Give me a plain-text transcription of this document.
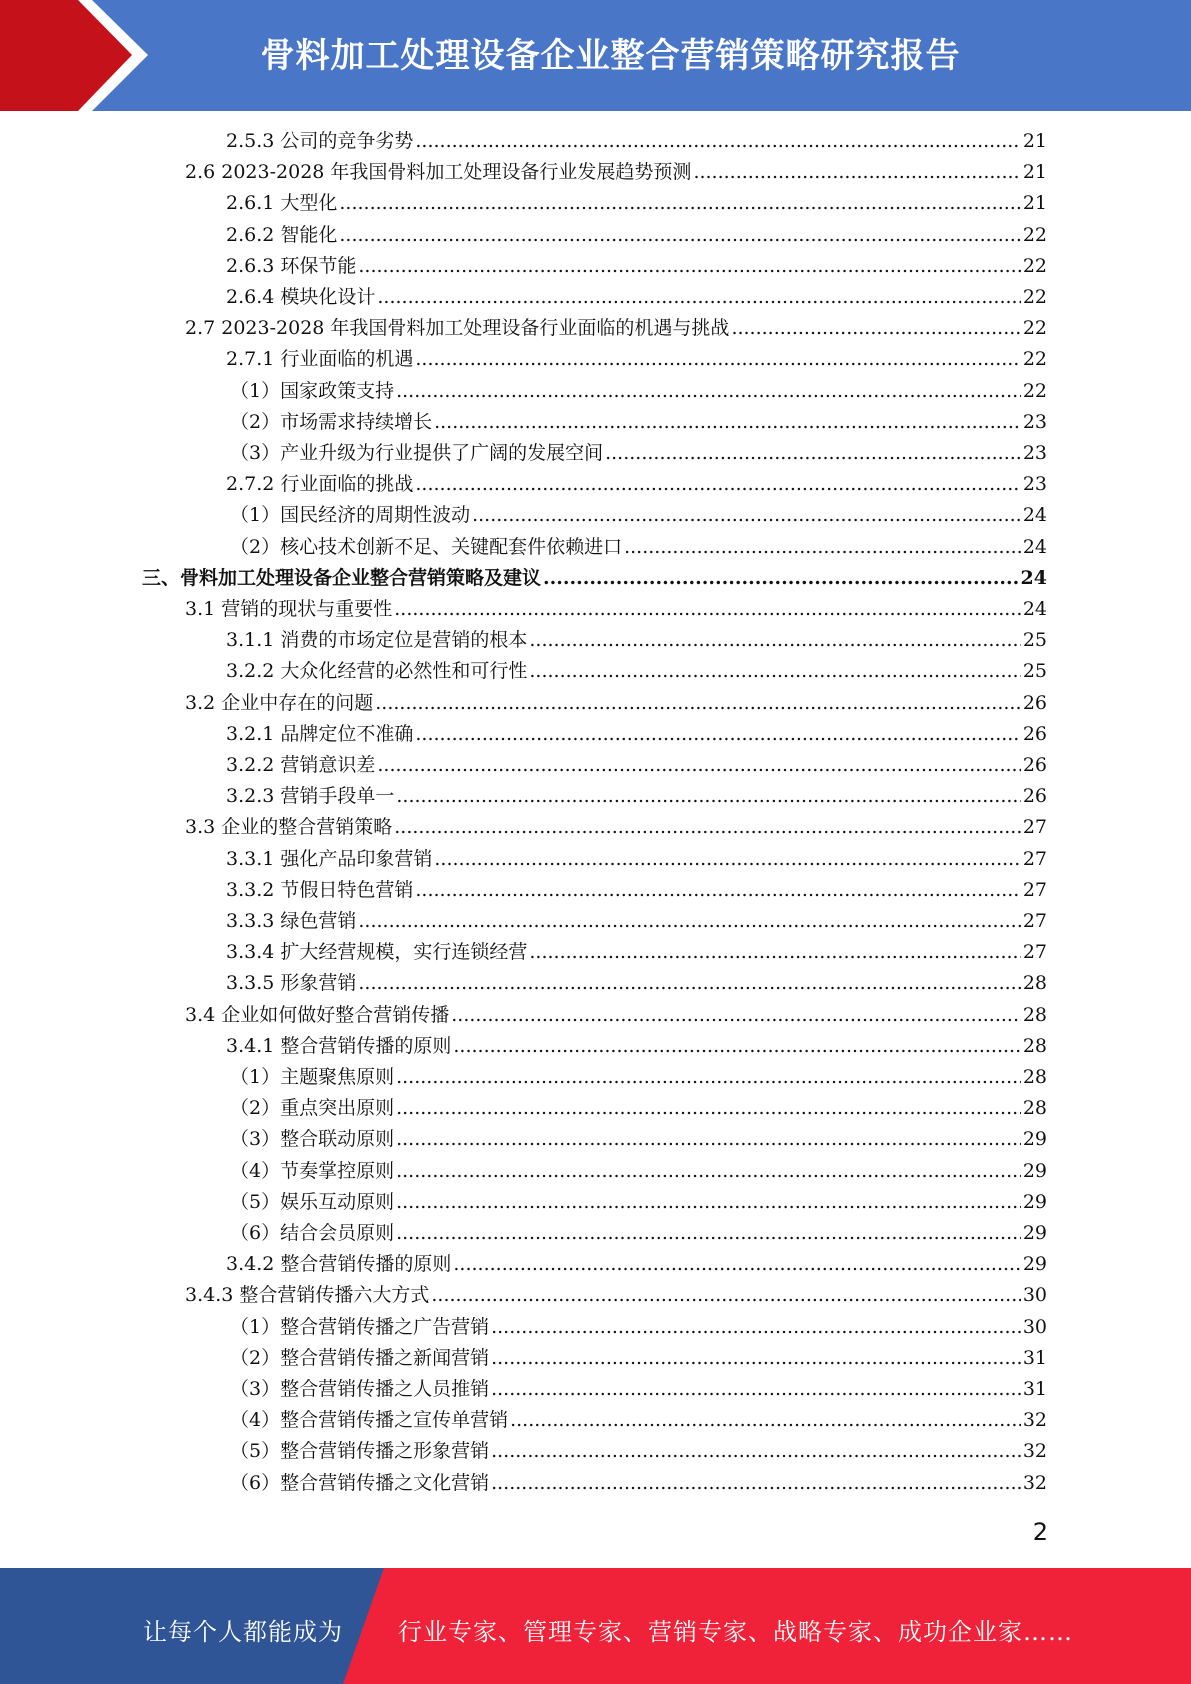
骨料加工处理设备企业整合营销策略研究报告
2.5.3 公司的竞争劣势 .....	21
2.6 2023-2028 年我国骨料加工处理设备行业发展趋势预测 .....	21
2.6.1 大型化 .....	21
2.6.2 智能化 .....	22
2.6.3 环保节能 .....	22
2.6.4 模块化设计 .....	22
2.7 2023-2028 年我国骨料加工处理设备行业面临的机遇与挑战 .....	22
2.7.1 行业面临的机遇 .....	22
（1）国家政策支持 .....	22
（2）市场需求持续增长 .....	23
（3）产业升级为行业提供了广阔的发展空间 .....	23
2.7.2 行业面临的挑战 .....	23
（1）国民经济的周期性波动 .....	24
（2）核心技术创新不足、关键配套件依赖进口 .....	24
三、骨料加工处理设备企业整合营销策略及建议 .....	24
3.1 营销的现状与重要性 .....	24
3.1.1 消费的市场定位是营销的根本 .....	25
3.2.2 大众化经营的必然性和可行性 .....	25
3.2 企业中存在的问题 .....	26
3.2.1 品牌定位不准确 .....	26
3.2.2 营销意识差 .....	26
3.2.3 营销手段单一 .....	26
3.3 企业的整合营销策略 .....	27
3.3.1 强化产品印象营销 .....	27
3.3.2 节假日特色营销 .....	27
3.3.3 绿色营销 .....	27
3.3.4 扩大经营规模，实行连锁经营 .....	27
3.3.5 形象营销 .....	28
3.4 企业如何做好整合营销传播 .....	28
3.4.1 整合营销传播的原则 .....	28
（1）主题聚焦原则 .....	28
（2）重点突出原则 .....	28
（3）整合联动原则 .....	29
（4）节奏掌控原则 .....	29
（5）娱乐互动原则 .....	29
（6）结合会员原则 .....	29
3.4.2 整合营销传播的原则 .....	29
3.4.3 整合营销传播六大方式 .....	30
（1）整合营销传播之广告营销 .....	30
（2）整合营销传播之新闻营销 .....	31
（3）整合营销传播之人员推销 .....	31
（4）整合营销传播之宣传单营销 .....	32
（5）整合营销传播之形象营销 .....	32
（6）整合营销传播之文化营销 .....	32
2
让每个人都能成为 行业专家、管理专家、营销专家、战略专家、成功企业家……
